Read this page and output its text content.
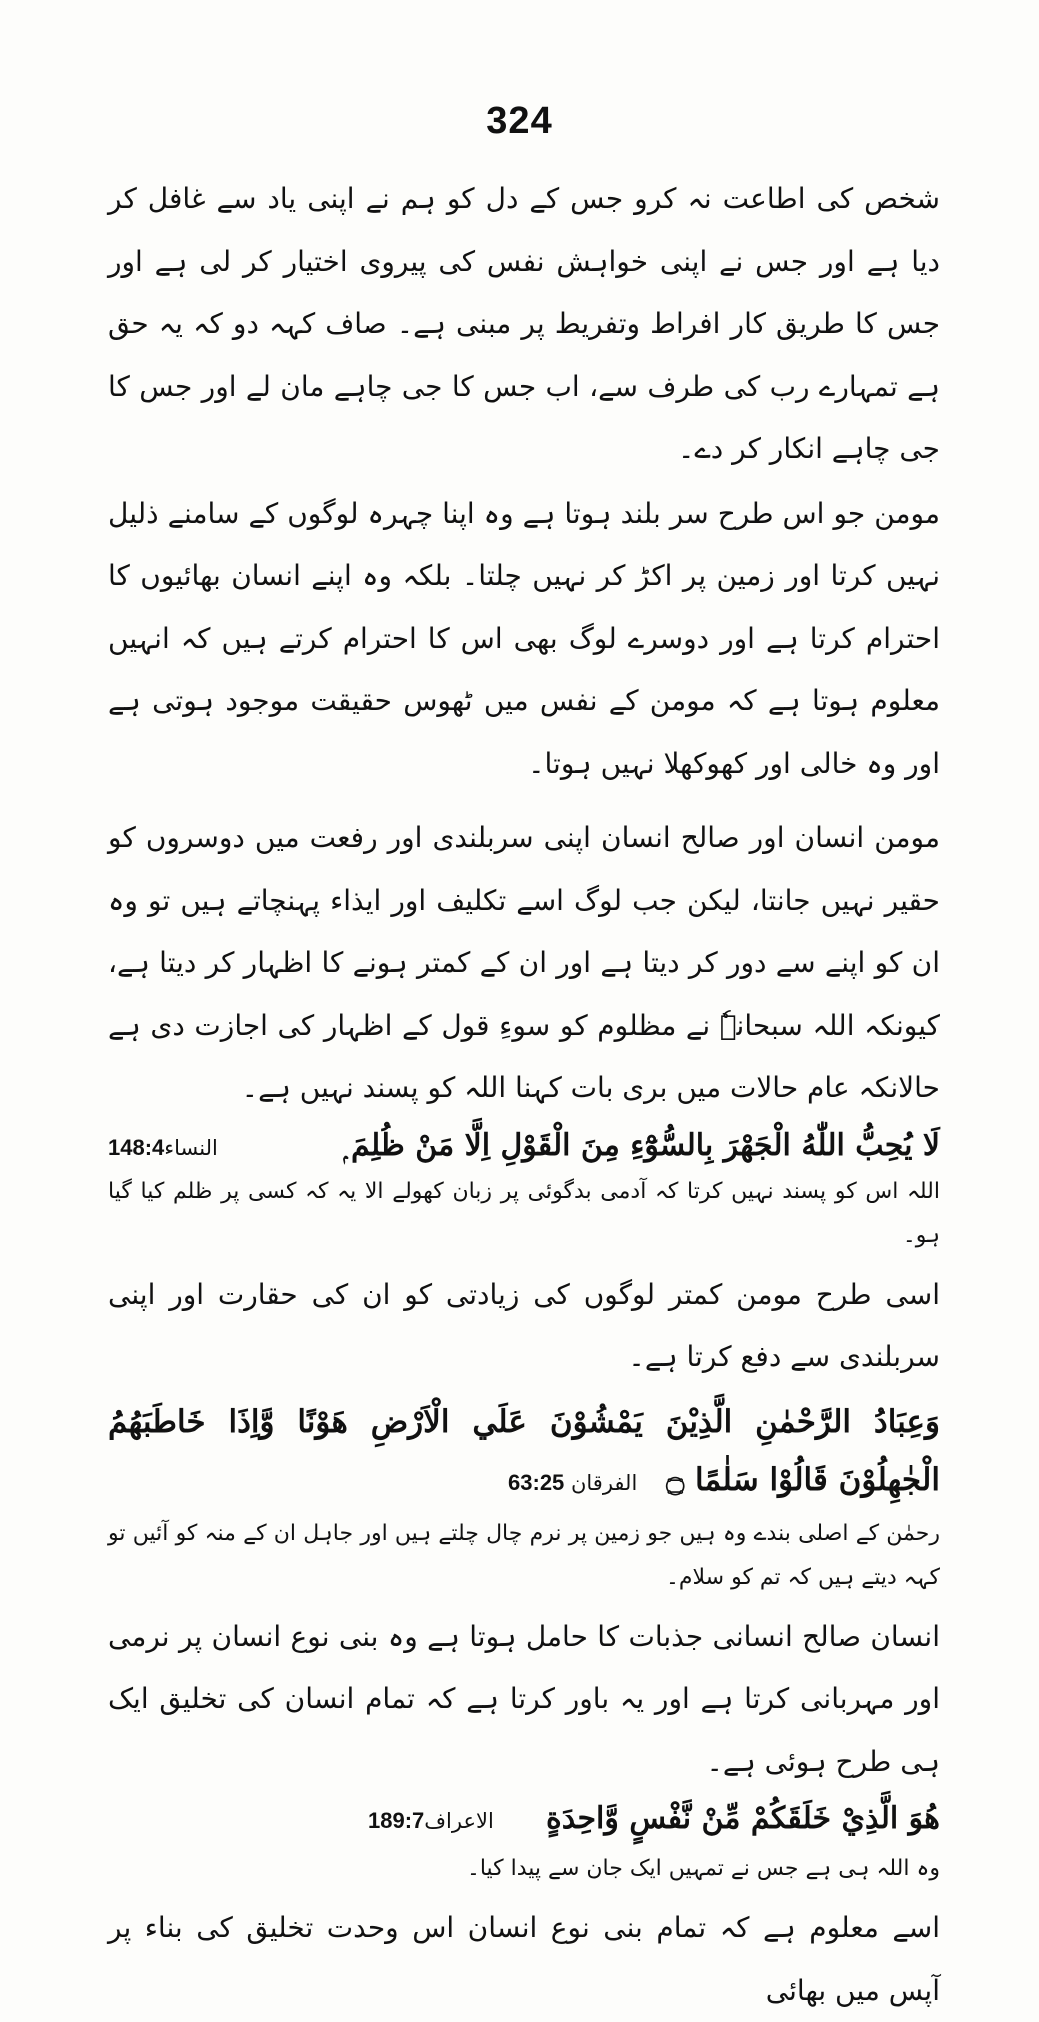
324

شخص کی اطاعت نہ کرو جس کے دل کو ہم نے اپنی یاد سے غافل کر دیا ہے اور جس نے اپنی خواہش نفس کی پیروی اختیار کر لی ہے اور جس کا طریق کار افراط وتفریط پر مبنی ہے۔ صاف کہہ دو کہ یہ حق ہے تمہارے رب کی طرف سے، اب جس کا جی چاہے مان لے اور جس کا جی چاہے انکار کر دے۔

مومن جو اس طرح سر بلند ہوتا ہے وہ اپنا چہرہ لوگوں کے سامنے ذلیل نہیں کرتا اور زمین پر اکڑ کر نہیں چلتا۔ بلکہ وہ اپنے انسان بھائیوں کا احترام کرتا ہے اور دوسرے لوگ بھی اس کا احترام کرتے ہیں کہ انہیں معلوم ہوتا ہے کہ مومن کے نفس میں ٹھوس حقیقت موجود ہوتی ہے اور وہ خالی اور کھوکھلا نہیں ہوتا۔

مومن انسان اور صالح انسان اپنی سربلندی اور رفعت میں دوسروں کو حقیر نہیں جانتا، لیکن جب لوگ اسے تکلیف اور ایذاء پہنچاتے ہیں تو وہ ان کو اپنے سے دور کر دیتا ہے اور ان کے کمتر ہونے کا اظہار کر دیتا ہے، کیونکہ اللہ سبحانہٗ نے مظلوم کو سوءِ قول کے اظہار کی اجازت دی ہے حالانکہ عام حالات میں بری بات کہنا اللہ کو پسند نہیں ہے۔

لَا يُحِبُّ اللّٰهُ الْجَهْرَ بِالسُّوْٓءِ مِنَ الْقَوْلِ اِلَّا مَنْ ظُلِمَ ۭ
النساء148:4

اللہ اس کو پسند نہیں کرتا کہ آدمی بدگوئی پر زبان کھولے الا یہ کہ کسی پر ظلم کیا گیا ہو۔

اسی طرح مومن کمتر لوگوں کی زیادتی کو ان کی حقارت اور اپنی سربلندی سے دفع کرتا ہے۔

وَعِبَادُ الرَّحْمٰنِ الَّذِيْنَ يَمْشُوْنَ عَلَي الْاَرْضِ هَوْنًا وَّاِذَا خَاطَبَهُمُ الْجٰهِلُوْنَ قَالُوْا سَلٰمًا ۝ الفرقان 63:25

رحمٰن کے اصلی بندے وہ ہیں جو زمین پر نرم چال چلتے ہیں اور جاہل ان کے منہ کو آئیں تو کہہ دیتے ہیں کہ تم کو سلام۔

انسان صالح انسانی جذبات کا حامل ہوتا ہے وہ بنی نوع انسان پر نرمی اور مہربانی کرتا ہے اور یہ باور کرتا ہے کہ تمام انسان کی تخلیق ایک ہی طرح ہوئی ہے۔

هُوَ الَّذِيْ خَلَقَكُمْ مِّنْ نَّفْسٍ وَّاحِدَةٍ
الاعراف189:7

وہ اللہ ہی ہے جس نے تمہیں ایک جان سے پیدا کیا۔

اسے معلوم ہے کہ تمام بنی نوع انسان اس وحدت تخلیق کی بناء پر آپس میں بھائی
